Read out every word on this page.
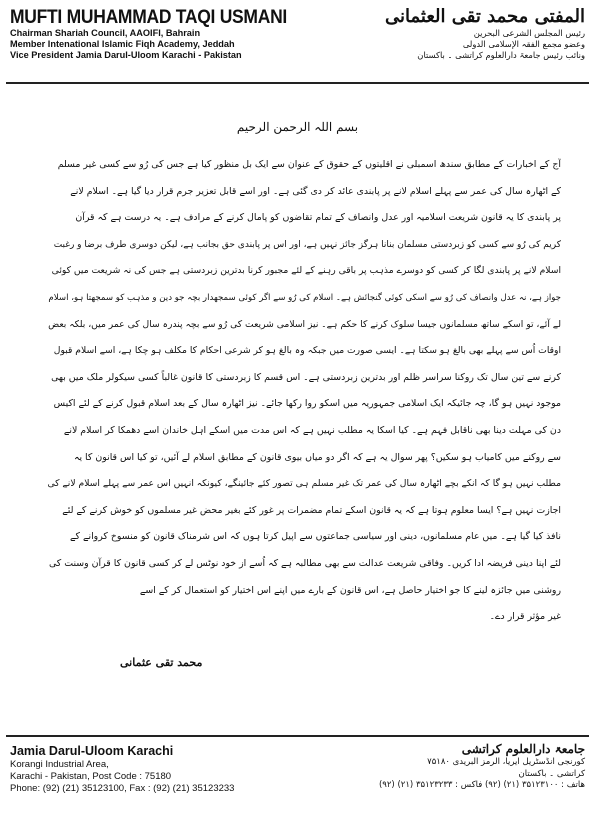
MUFTI MUHAMMAD TAQI USMANI
Chairman Shariah Council, AAOIFI, Bahrain
Member Intenational Islamic Fiqh Academy, Jeddah
Vice President Jamia Darul-Uloom Karachi - Pakistan
المفتی محمد تقی العثمانی
رئیس المجلس الشرعی البحرین
وعضو مجمع الفقہ الإسلامی الدولی
ونائب رئیس جامعۃ دارالعلوم کراتشی ۔ باکستان
بسم اللہ الرحمن الرحیم
آج کے اخبارات کے مطابق سندھ اسمبلی نے اقلیتوں کے حقوق کے عنوان سے ایک بل منظور کیا ہے جس کی رُو سے کسی غیر مسلم
کے اٹھارہ سال کی عمر سے پہلے اسلام لانے پر پابندی عائد کر دی گئی ہے۔ اور اسے قابل تعزیر جرم قرار دیا گیا ہے۔ اسلام لانے
پر پابندی کا یہ قانون شریعت اسلامیہ اور عدل وانصاف کے تمام تقاضوں کو پامال کرنے کے مرادف ہے۔ یہ درست ہے کہ قرآن
کریم کی رُو سے کسی کو زبردستی مسلمان بنانا ہرگز جائز نہیں ہے، اور اس پر پابندی حق بجانب ہے، لیکن دوسری طرف برضا و رغبت
اسلام لانے پر پابندی لگا کر کسی کو دوسرے مذہب پر باقی رہنے کے لئے مجبور کرنا بدترین زبردستی ہے جس کی نہ شریعت میں کوئی
جواز ہے، نہ عدل وانصاف کی رُو سے اسکی کوئی گنجائش ہے۔ اسلام کی رُو سے اگر کوئی سمجھدار بچہ جو دین و مذہب کو سمجھتا ہو، اسلام
لے آئے، تو اسکے ساتھ مسلمانوں جیسا سلوک کرنے کا حکم ہے۔ نیز اسلامی شریعت کی رُو سے بچہ پندرہ سال کی عمر میں، بلکہ بعض
اوقات اُس سے پہلے بھی بالغ ہو سکتا ہے۔ ایسی صورت میں جبکہ وہ بالغ ہو کر شرعی احکام کا مکلف ہو چکا ہے، اسے اسلام قبول
کرنے سے تین سال تک روکنا سراسر ظلم اور بدترین زبردستی ہے۔ اس قسم کا زبردستی کا قانون غالباً کسی سیکولر ملک میں بھی
موجود نہیں ہو گا، چہ جائیکہ ایک اسلامی جمہوریہ میں اسکو روا رکھا جائے۔ نیز اٹھارہ سال کے بعد اسلام قبول کرنے کے لئے اکیس
دن کی مہلت دینا بھی ناقابل فہم ہے۔ کیا اسکا یہ مطلب نہیں ہے کہ اس مدت میں اسکے اہل خاندان اسے دھمکا کر اسلام لانے
سے روکنے میں کامیاب ہو سکیں؟ پھر سوال یہ ہے کہ اگر دو میاں بیوی قانون کے مطابق اسلام لے آئیں، تو کیا اس قانون کا یہ
مطلب نہیں ہو گا کہ انکے بچے اٹھارہ سال کی عمر تک غیر مسلم ہی تصور کئے جائینگے، کیونکہ انہیں اس عمر سے پہلے اسلام لانے کی
اجازت نہیں ہے؟ ایسا معلوم ہوتا ہے کہ یہ قانون اسکے تمام مضمرات پر غور کئے بغیر محض غیر مسلموں کو خوش کرنے کے لئے
نافذ کیا گیا ہے۔ میں عام مسلمانوں، دینی اور سیاسی جماعتوں سے اپیل کرتا ہوں کہ اس شرمناک قانون کو منسوخ کروانے کے
لئے اپنا دینی فریضہ ادا کریں۔ وفاقی شریعت عدالت سے بھی مطالبہ ہے کہ اُسے از خود نوٹس لے کر کسی قانون کا قرآن وسنت کی
روشنی میں جائزہ لینے کا جو اختیار حاصل ہے، اس قانون کے بارے میں اپنے اس اختیار کو استعمال کر کے اسے
غیر مؤثر قرار دے۔
محمد تقی عثمانی
Jamia Darul-Uloom Karachi
Korangi Industrial Area,
Karachi - Pakistan, Post Code : 75180
Phone: (92) (21) 35123100, Fax : (92) (21) 35123233
جامعۃ دارالعلوم کراتشی
کورنجی انڈسٹریل ایریا، الرمز البریدی ۷۵۱۸۰
کراتشی ۔ باکستان
ھاتف : ۳۵۱۲۳۱۰۰ (۲۱) (۹۲) فاکس : ۳۵۱۲۳۲۳۳ (۲۱) (۹۲)
